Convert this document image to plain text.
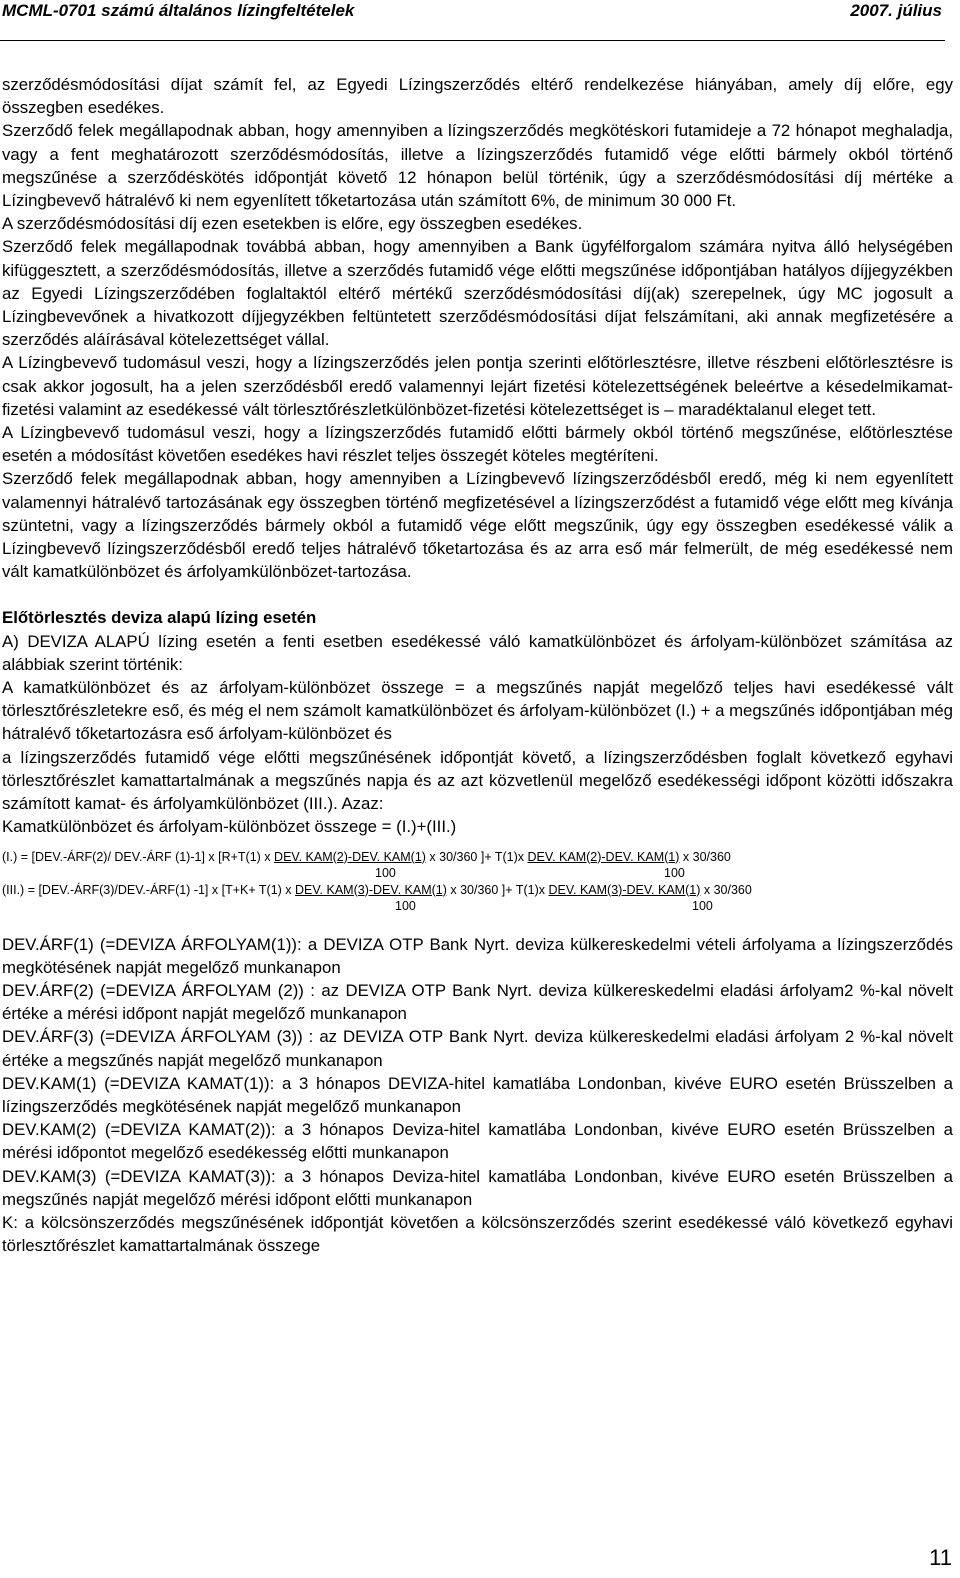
MCML-0701 számú általános lízingfeltételek	2007. július

szerződésmódosítási díjat számít fel, az Egyedi Lízingszerződés eltérő rendelkezése hiányában, amely díj előre, egy összegben esedékes.

Szerződő felek megállapodnak abban, hogy amennyiben a lízingszerződés megkötéskori futamideje a 72 hónapot meghaladja, vagy a fent meghatározott szerződésmódosítás, illetve a lízingszerződés futamidő vége előtti bármely okból történő megszűnése a szerződéskötés időpontját követő 12 hónapon belül történik, úgy a szerződésmódosítási díj mértéke a Lízingbevevő hátralévő ki nem egyenlített tőketartozása után számított 6%, de minimum 30 000 Ft.

A szerződésmódosítási díj ezen esetekben is előre, egy összegben esedékes.

Szerződő felek megállapodnak továbbá abban, hogy amennyiben a Bank ügyfélforgalom számára nyitva álló helységében kifüggesztett, a szerződésmódosítás, illetve a szerződés futamidő vége előtti megszűnése időpontjában hatályos díjjegyzékben az Egyedi Lízingszerződében foglaltaktól eltérő mértékű szerződésmódosítási díj(ak) szerepelnek, úgy MC jogosult a Lízingbevevőnek a hivatkozott díjjegyzékben feltüntetett szerződésmódosítási díjat felszámítani, aki annak megfizetésére a szerződés aláírásával kötelezettséget vállal.

A Lízingbevevő tudomásul veszi, hogy a lízingszerződés jelen pontja szerinti előtörlesztésre, illetve részbeni előtörlesztésre is csak akkor jogosult, ha a jelen szerződésből eredő valamennyi lejárt fizetési kötelezettségének beleértve a késedelmikamat-fizetési valamint az esedékessé vált törlesztőrészletkülönbözet-fizetési kötelezettséget is – maradéktalanul eleget tett.

A Lízingbevevő tudomásul veszi, hogy a lízingszerződés futamidő előtti bármely okból történő megszűnése, előtörlesztése esetén a módosítást követően esedékes havi részlet teljes összegét köteles megtéríteni.

Szerződő felek megállapodnak abban, hogy amennyiben a Lízingbevevő lízingszerződésből eredő, még ki nem egyenlített valamennyi hátralévő tartozásának egy összegben történő megfizetésével a lízingszerződést a futamidő vége előtt meg kívánja szüntetni, vagy a lízingszerződés bármely okból a futamidő vége előtt megszűnik, úgy egy összegben esedékessé válik a Lízingbevevő lízingszerződésből eredő teljes hátralévő tőketartozása és az arra eső már felmerült, de még esedékessé nem vált kamatkülönbözet és árfolyamkülönbözet-tartozása.

Előtörlesztés deviza alapú lízing esetén

A) DEVIZA ALAPÚ lízing esetén a fenti esetben esedékessé váló kamatkülönbözet és árfolyam-különbözet számítása az alábbiak szerint történik:

A kamatkülönbözet és az árfolyam-különbözet összege = a megszűnés napját megelőző teljes havi esedékessé vált törlesztőrészletekre eső, és még el nem számolt kamatkülönbözet és árfolyam-különbözet (I.) + a megszűnés időpontjában még hátralévő tőketartozásra eső árfolyam-különbözet és

a lízingszerződés futamidő vége előtti megszűnésének időpontját követő, a lízingszerződésben foglalt következő egyhavi törlesztőrészlet kamattartalmának a megszűnés napja és az azt közvetlenül megelőző esedékességi időpont közötti időszakra számított kamat- és árfolyamkülönbözet (III.). Azaz:

Kamatkülönbözet és árfolyam-különbözet összege = (I.)+(III.)

(I.) = [DEV.-ÁRF(2)/ DEV.-ÁRF (1)-1] x [R+T(1) x DEV. KAM(2)-DEV. KAM(1) x 30/360 ]+ T(1)x DEV. KAM(2)-DEV. KAM(1) x 30/360
100	100
(III.) = [DEV.-ÁRF(3)/DEV.-ÁRF(1) -1] x [T+K+ T(1) x DEV. KAM(3)-DEV. KAM(1) x 30/360 ]+ T(1)x DEV. KAM(3)-DEV. KAM(1) x 30/360
100	100

DEV.ÁRF(1) (=DEVIZA ÁRFOLYAM(1)): a DEVIZA OTP Bank Nyrt. deviza külkereskedelmi vételi árfolyama a lízingszerződés megkötésének napját megelőző munkanapon

DEV.ÁRF(2) (=DEVIZA ÁRFOLYAM (2)) : az DEVIZA OTP Bank Nyrt. deviza külkereskedelmi eladási árfolyam2 %-kal növelt értéke a mérési időpont napját megelőző munkanapon

DEV.ÁRF(3) (=DEVIZA ÁRFOLYAM (3)) : az DEVIZA OTP Bank Nyrt. deviza külkereskedelmi eladási árfolyam 2 %-kal növelt értéke a megszűnés napját megelőző munkanapon

DEV.KAM(1) (=DEVIZA KAMAT(1)): a 3 hónapos DEVIZA-hitel kamatlába Londonban, kivéve EURO esetén Brüsszelben a lízingszerződés megkötésének napját megelőző munkanapon

DEV.KAM(2) (=DEVIZA KAMAT(2)): a 3 hónapos Deviza-hitel kamatlába Londonban, kivéve EURO esetén Brüsszelben a mérési időpontot megelőző esedékesség előtti munkanapon

DEV.KAM(3) (=DEVIZA KAMAT(3)): a 3 hónapos Deviza-hitel kamatlába Londonban, kivéve EURO esetén Brüsszelben a megszűnés napját megelőző mérési időpont előtti munkanapon

K: a kölcsönszerződés megszűnésének időpontját követően a kölcsönszerződés szerint esedékessé váló következő egyhavi törlesztőrészlet kamattartalmának összege

11
